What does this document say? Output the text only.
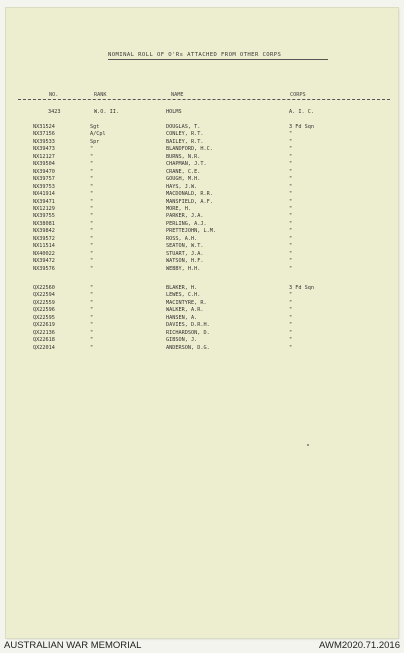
NOMINAL ROLL OF O'Rs ATTACHED FROM OTHER CORPS
NO.	RANK	NAME	CORPS
3423	W.O. II.	HOLMS	A. I. C.
NX31524	Sgt	DOUGLAS, T.	3 Fd Sqn
NX37156	A/Cpl	CONLEY, R.T.	"
NX39533	Spr	BAILEY, R.T.	"
NX39473	"	BLANDFORD, H.C.	"
NX12127	"	BURNS, N.R.	"
NX39504	"	CHAPMAN, J.T.	"
NX39470	"	CRANE, C.E.	"
NX39757	"	GOUGH, M.H.	"
NX39753	"	HAYS, J.W.	"
NX41914	"	MACDONALD, R.R.	"
NX39471	"	MANSFIELD, A.F.	"
NX12129	"	MORE, H.	"
NX39755	"	PARKER, J.A.	"
NX38081	"	PERLING, A.J.	"
NX39842	"	PRETTEJOHN, L.M.	"
NX39572	"	ROSS, A.H.	"
NX11514	"	SEATON, W.T.	"
NX40022	"	STUART, J.A.	"
NX39472	"	WATSON, H.F.	"
NX39576	"	WEBBY, H.H.	"
QX22560	"	BLAKER, H.	3 Fd Sqn
QX22594	"	LEWES, C.H.	"
QX22559	"	MACINTYRE, R.	"
QX22596	"	WALKER, A.R.	"
QX22595	"	HANSEN, A.	"
QX22619	"	DAVIES, D.R.H.	"
QX22136	"	RICHARDSON, D.	"
QX22618	"	GIBSON, J.	"
QX22014	"	ANDERSON, D.G.	"
AUSTRALIAN WAR MEMORIAL	AWM2020.71.2016
